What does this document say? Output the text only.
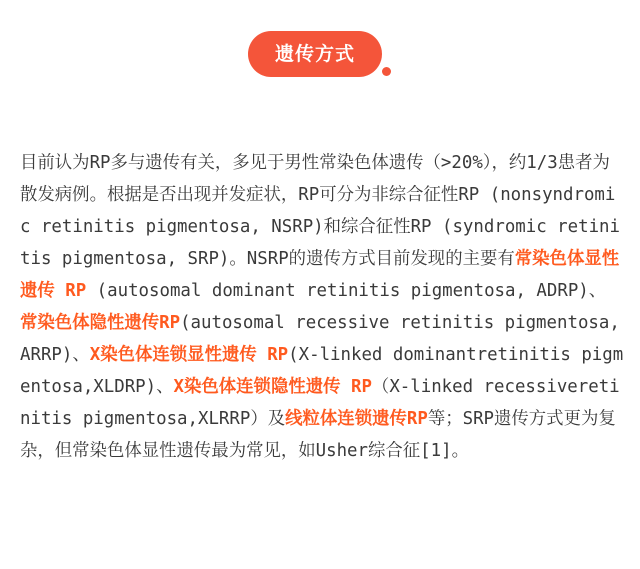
遗传方式

目前认为RP多与遗传有关，多见于男性常染色体遗传（>20%），约1/3患者为散发病例。根据是否出现并发症状，RP可分为非综合征性RP (nonsyndromic retinitis pigmentosa, NSRP)和综合征性RP (syndromic retinitis pigmentosa, SRP)。NSRP的遗传方式目前发现的主要有常染色体显性遗传 RP (autosomal dominant retinitis pigmentosa, ADRP)、 常染色体隐性遗传RP(autosomal recessive retinitis pigmentosa,ARRP)、X染色体连锁显性遗传 RP(X-linked dominantretinitis pigmentosa,XLDRP)、X染色体连锁隐性遗传 RP（X-linked recessiveretinitis pigmentosa,XLRRP）及线粒体连锁遗传RP等；SRP遗传方式更为复杂，但常染色体显性遗传最为常见，如Usher综合征[1]。
